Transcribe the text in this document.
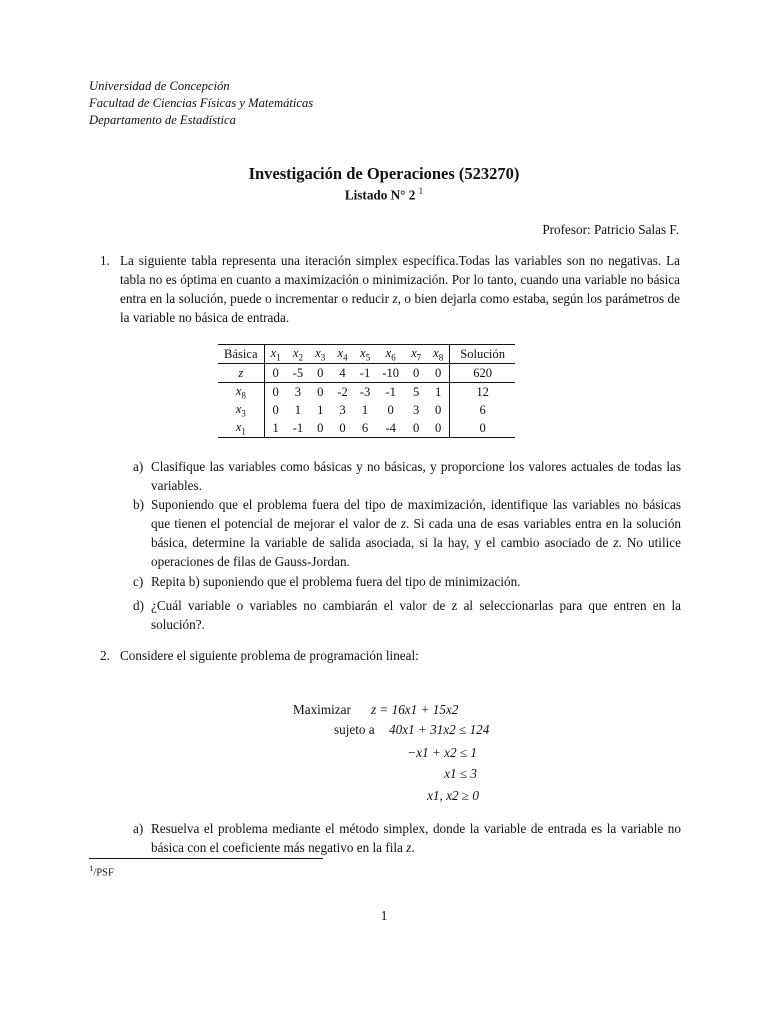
Universidad de Concepción
Facultad de Ciencias Físicas y Matemáticas
Departamento de Estadística
Investigación de Operaciones (523270)
Listado N° 2 $^1$
Profesor: Patricio Salas F.
1. La siguiente tabla representa una iteración simplex específica.Todas las variables son no negativas. La tabla no es óptima en cuanto a maximización o minimización. Por lo tanto, cuando una variable no básica entra en la solución, puede o incrementar o reducir z, o bien dejarla como estaba, según los parámetros de la variable no básica de entrada.
Básica	$x_1$	$x_2$	$x_3$	$x_4$	$x_5$	$x_6$	$x_7$	$x_8$	Solución
z	0	-5	0	4	-1	-10	0	0	620
$x_8$	0	3	0	-2	-3	-1	5	1	12
$x_3$	0	1	1	3	1	0	3	0	6
$x_1$	1	-1	0	0	6	-4	0	0	0
a) Clasifique las variables como básicas y no básicas, y proporcione los valores actuales de todas las variables.
b) Suponiendo que el problema fuera del tipo de maximización, identifique las variables no básicas que tienen el potencial de mejorar el valor de z. Si cada una de esas variables entra en la solución básica, determine la variable de salida asociada, si la hay, y el cambio asociado de z. No utilice operaciones de filas de Gauss-Jordan.
c) Repita b) suponiendo que el problema fuera del tipo de minimización.
d) ¿Cuál variable o variables no cambiarán el valor de z al seleccionarlas para que entren en la solución?.
2. Considere el siguiente problema de programación lineal:
Maximizar z = 16x1 + 15x2
sujeto a 40x1 + 31x2 ≤ 124
−x1 + x2 ≤ 1
x1 ≤ 3
x1, x2 ≥ 0
a) Resuelva el problema mediante el método simplex, donde la variable de entrada es la variable no básica con el coeficiente más negativo en la fila z.
$^1$/PSF
1
